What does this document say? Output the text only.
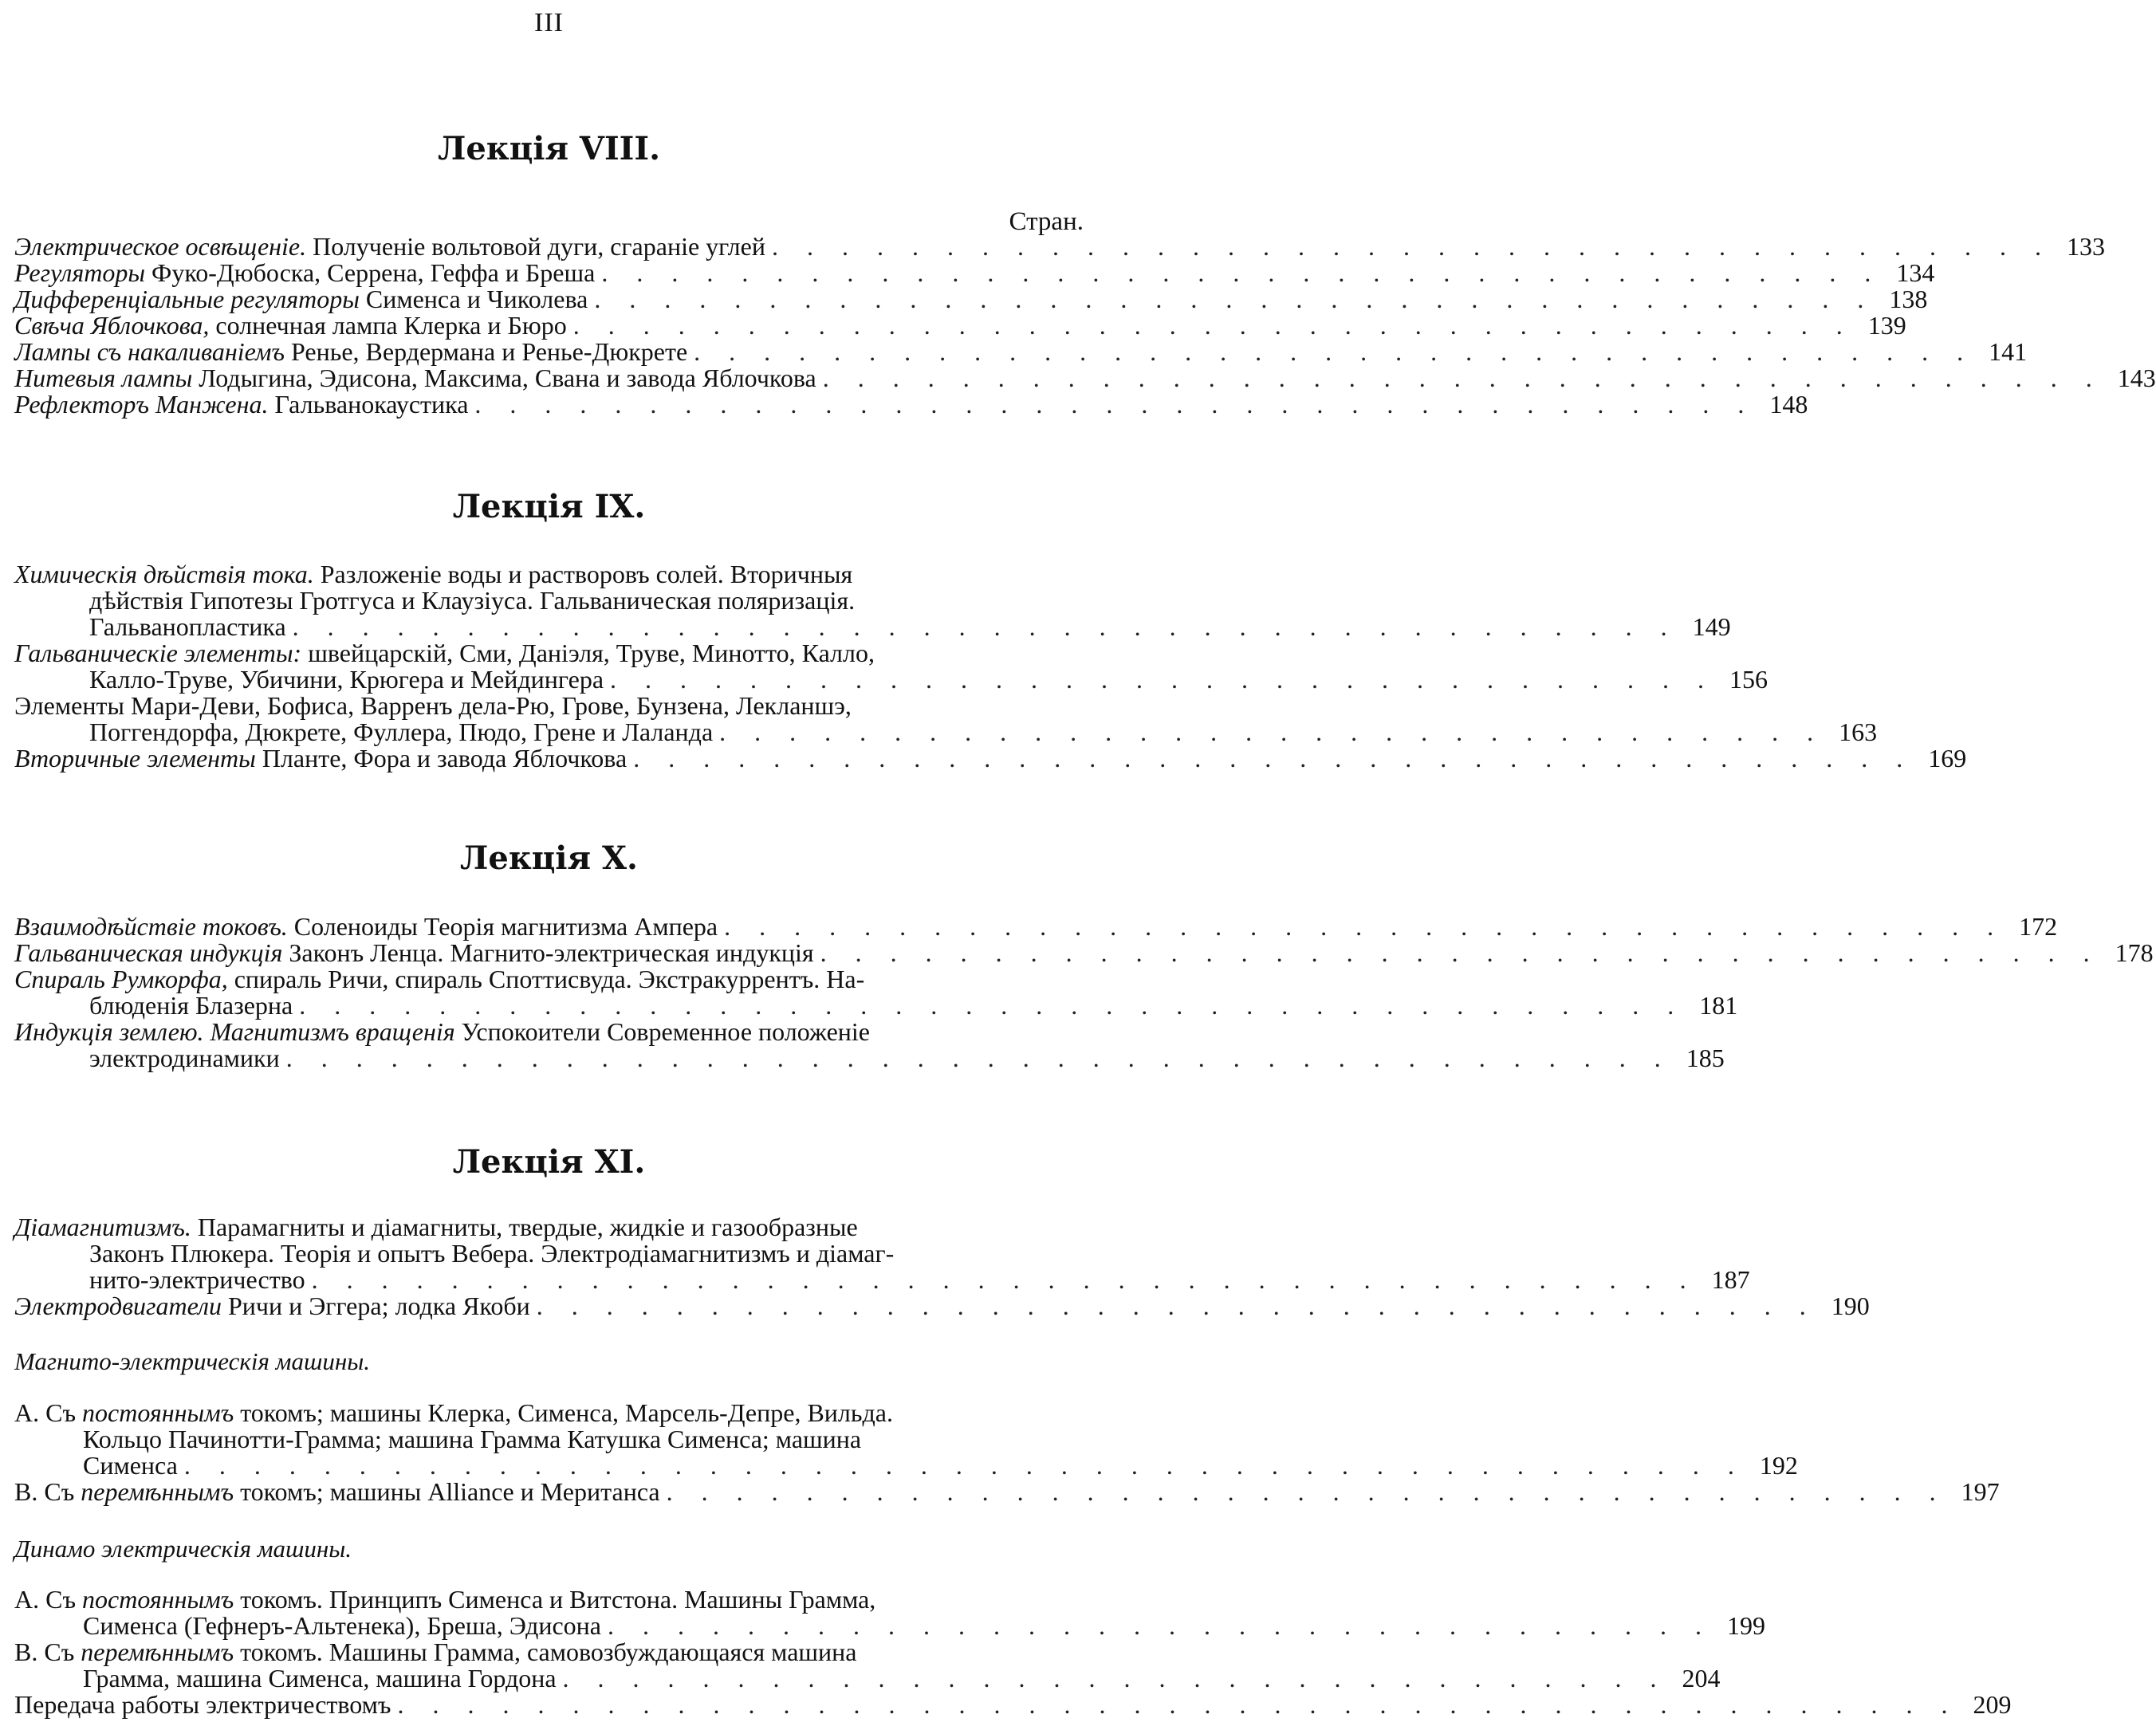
III
Лекція VIII.
Стран.
Электрическое освѣщеніе. Полученіе вольтовой дуги, сгараніе углей . . . . . . . . . . . . . . . . . . . . . . . . . . . . . . . . . . . . . 133
Регуляторы Фуко-Дюбоска, Серрена, Геффа и Бреша . . . . . . . . . . . . . . . . . . . . . . . . . . . . . . . . . . . . . 134
Дифференціальные регуляторы Сименса и Чиколева . . . . . . . . . . . . . . . . . . . . . . . . . . . . . . . . . . . . . 138
Свѣча Яблочкова, солнечная лампа Клерка и Бюро . . . . . . . . . . . . . . . . . . . . . . . . . . . . . . . . . . . . . 139
Лампы съ накаливаніемъ Ренье, Вердермана и Ренье-Дюкрете . . . . . . . . . . . . . . . . . . . . . . . . . . . . . . . . . . . . . 141
Нитевыя лампы Лодыгина, Эдисона, Максима, Свана и завода Яблочкова . . . . . . . . . . . . . . . . . . . . . . . . . . . . . . . . . . . . . 143
Рефлекторъ Манжена. Гальванокаустика . . . . . . . . . . . . . . . . . . . . . . . . . . . . . . . . . . . . . 148
Лекція IX.
Химическія дѣйствія тока. Разложеніе воды и растворовъ солей. Вторичныя
дѣйствія Гипотезы Гротгуса и Клаузіуса. Гальваническая поляризація.
Гальванопластика . . . . . . . . . . . . . . . . . . . . . . . . . . . . . . . . . . . . . . . . 149
Гальваническіе элементы: швейцарскій, Сми, Даніэля, Труве, Минотто, Калло,
Калло-Труве, Убичини, Крюгера и Мейдингера . . . . . . . . . . . . . . . . . . . . . . . . . . . . . . . . 156
Элементы Мари-Деви, Бофиса, Варренъ дела-Рю, Грове, Бунзена, Лекланшэ,
Поггендорфа, Дюкрете, Фуллера, Пюдо, Грене и Лаланда . . . . . . . . . . . . . . . . . . . . . . . . . . . . . . . . 163
Вторичные элементы Планте, Фора и завода Яблочкова . . . . . . . . . . . . . . . . . . . . . . . . . . . . . . . . . . . . . 169
Лекція X.
Взаимодѣйствіе токовъ. Соленоиды Теорія магнитизма Ампера . . . . . . . . . . . . . . . . . . . . . . . . . . . . . . . . . . . . . 172
Гальваническая индукція Законъ Ленца. Магнито-электрическая индукція . . . . . . . . . . . . . . . . . . . . . . . . . . . . . . . . . . . . . 178
Спираль Румкорфа, спираль Ричи, спираль Споттисвуда. Экстракуррентъ. На-
блюденія Блазерна . . . . . . . . . . . . . . . . . . . . . . . . . . . . . . . . . . . . . . . . 181
Индукція землею. Магнитизмъ вращенія Успокоители Современное положеніе
электродинамики . . . . . . . . . . . . . . . . . . . . . . . . . . . . . . . . . . . . . . . . 185
Лекція XI.
Діамагнитизмъ. Парамагниты и діамагниты, твердые, жидкіе и газообразные
Законъ Плюкера. Теорія и опытъ Вебера. Электродіамагнитизмъ и діамаг-
нито-электричество . . . . . . . . . . . . . . . . . . . . . . . . . . . . . . . . . . . . . . . . 187
Электродвигатели Ричи и Эггера; лодка Якоби . . . . . . . . . . . . . . . . . . . . . . . . . . . . . . . . . . . . . 190
Магнито-электрическія машины.
A. Съ постояннымъ токомъ; машины Клерка, Сименса, Марсель-Депре, Вильда.
Кольцо Пачинотти-Грамма; машина Грамма Катушка Сименса; машина
Сименса . . . . . . . . . . . . . . . . . . . . . . . . . . . . . . . . . . . . . . . . . . . . . 192
B. Съ перемѣннымъ токомъ; машины Alliance и Меританса . . . . . . . . . . . . . . . . . . . . . . . . . . . . . . . . . . . . . 197
Динамо электрическія машины.
A. Съ постояннымъ токомъ. Принципъ Сименса и Витстона. Машины Грамма,
Сименса (Гефнеръ-Альтенека), Бреша, Эдисона . . . . . . . . . . . . . . . . . . . . . . . . . . . . . . . . 199
B. Съ перемѣннымъ токомъ. Машины Грамма, самовозбуждающаяся машина
Грамма, машина Сименса, машина Гордона . . . . . . . . . . . . . . . . . . . . . . . . . . . . . . . . 204
Передача работы электричествомъ . . . . . . . . . . . . . . . . . . . . . . . . . . . . . . . . . . . . . . . . . . . . . 209
